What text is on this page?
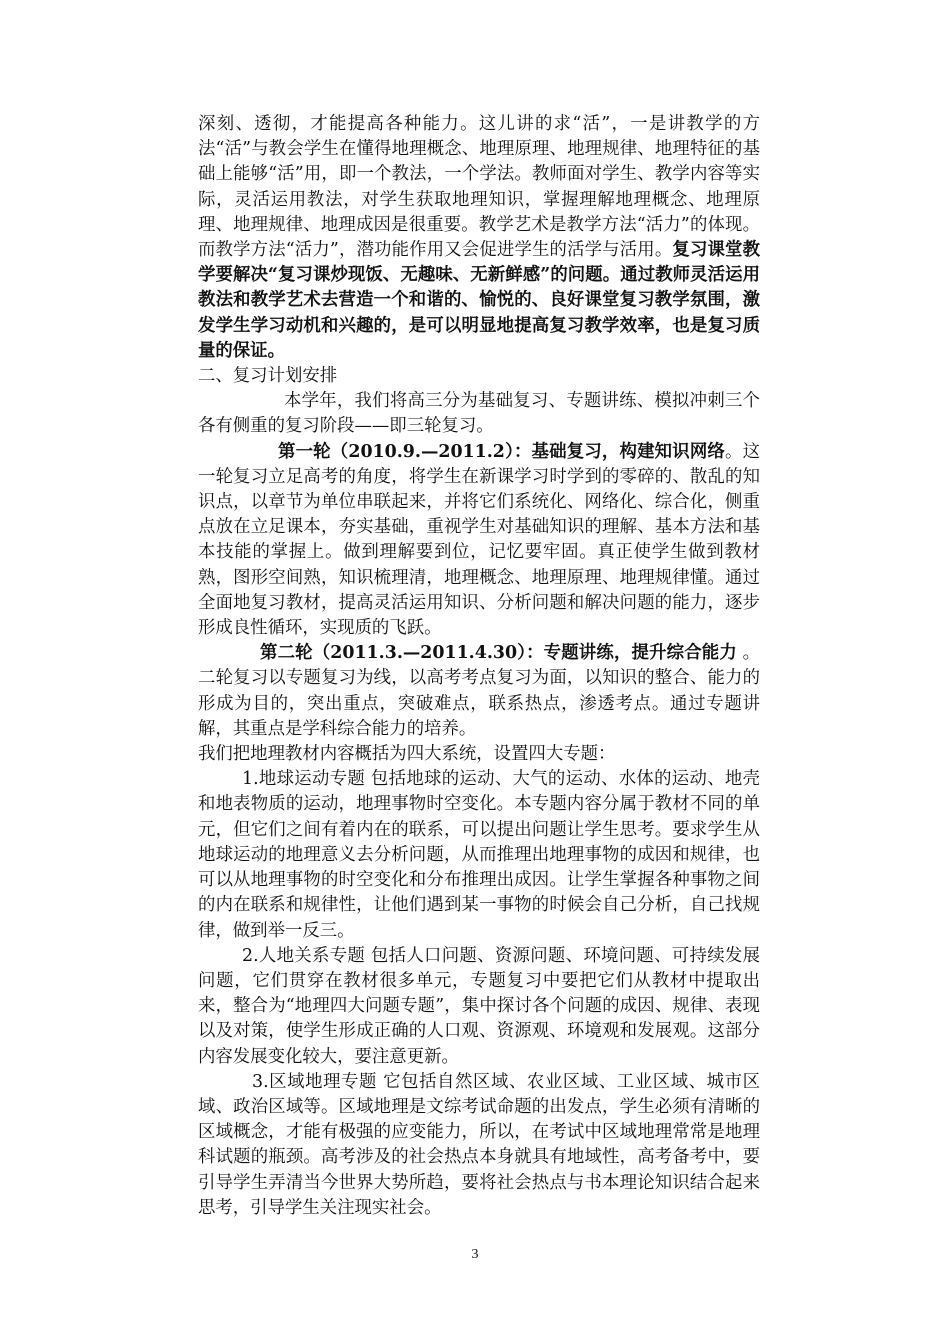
深刻、透彻，才能提高各种能力。这儿讲的求“活”，一是讲教学的方法“活”与教会学生在懂得地理概念、地理原理、地理规律、地理特征的基础上能够“活”用，即一个教法，一个学法。教师面对学生、教学内容等实际，灵活运用教法，对学生获取地理知识，掌握理解地理概念、地理原理、地理规律、地理成因是很重要。教学艺术是教学方法“活力”的体现。而教学方法“活力”，潜功能作用又会促进学生的活学与活用。复习课堂教学要解决“复习课炒现饭、无趣味、无新鲜感”的问题。通过教师灵活运用教法和教学艺术去营造一个和谐的、愉悦的、良好课堂复习教学氛围，激发学生学习动机和兴趣的，是可以明显地提高复习教学效率，也是复习质量的保证。

二、复习计划安排

本学年，我们将高三分为基础复习、专题讲练、模拟冲刺三个各有侧重的复习阶段——即三轮复习。

第一轮（2010.9.—2011.2）：基础复习，构建知识网络。这一轮复习立足高考的角度，将学生在新课学习时学到的零碎的、散乱的知识点，以章节为单位串联起来，并将它们系统化、网络化、综合化，侧重点放在立足课本，夯实基础，重视学生对基础知识的理解、基本方法和基本技能的掌握上。做到理解要到位，记忆要牢固。真正使学生做到教材熟，图形空间熟，知识梳理清，地理概念、地理原理、地理规律懂。通过全面地复习教材，提高灵活运用知识、分析问题和解决问题的能力，逐步形成良性循环，实现质的飞跃。

第二轮（2011.3.—2011.4.30）：专题讲练，提升综合能力 。二轮复习以专题复习为线，以高考考点复习为面，以知识的整合、能力的形成为目的，突出重点，突破难点，联系热点，渗透考点。通过专题讲解，其重点是学科综合能力的培养。

我们把地理教材内容概括为四大系统，设置四大专题：

1.地球运动专题 包括地球的运动、大气的运动、水体的运动、地壳和地表物质的运动，地理事物时空变化。本专题内容分属于教材不同的单元，但它们之间有着内在的联系，可以提出问题让学生思考。要求学生从地球运动的地理意义去分析问题，从而推理出地理事物的成因和规律，也可以从地理事物的时空变化和分布推理出成因。让学生掌握各种事物之间的内在联系和规律性，让他们遇到某一事物的时候会自己分析，自己找规律，做到举一反三。

2.人地关系专题 包括人口问题、资源问题、环境问题、可持续发展问题，它们贯穿在教材很多单元，专题复习中要把它们从教材中提取出来，整合为“地理四大问题专题”，集中探讨各个问题的成因、规律、表现以及对策，使学生形成正确的人口观、资源观、环境观和发展观。这部分内容发展变化较大，要注意更新。

3.区域地理专题 它包括自然区域、农业区域、工业区域、城市区域、政治区域等。区域地理是文综考试命题的出发点，学生必须有清晰的区域概念，才能有极强的应变能力，所以，在考试中区域地理常常是地理科试题的瓶颈。高考涉及的社会热点本身就具有地域性，高考备考中，要引导学生弄清当今世界大势所趋，要将社会热点与书本理论知识结合起来思考，引导学生关注现实社会。

3
